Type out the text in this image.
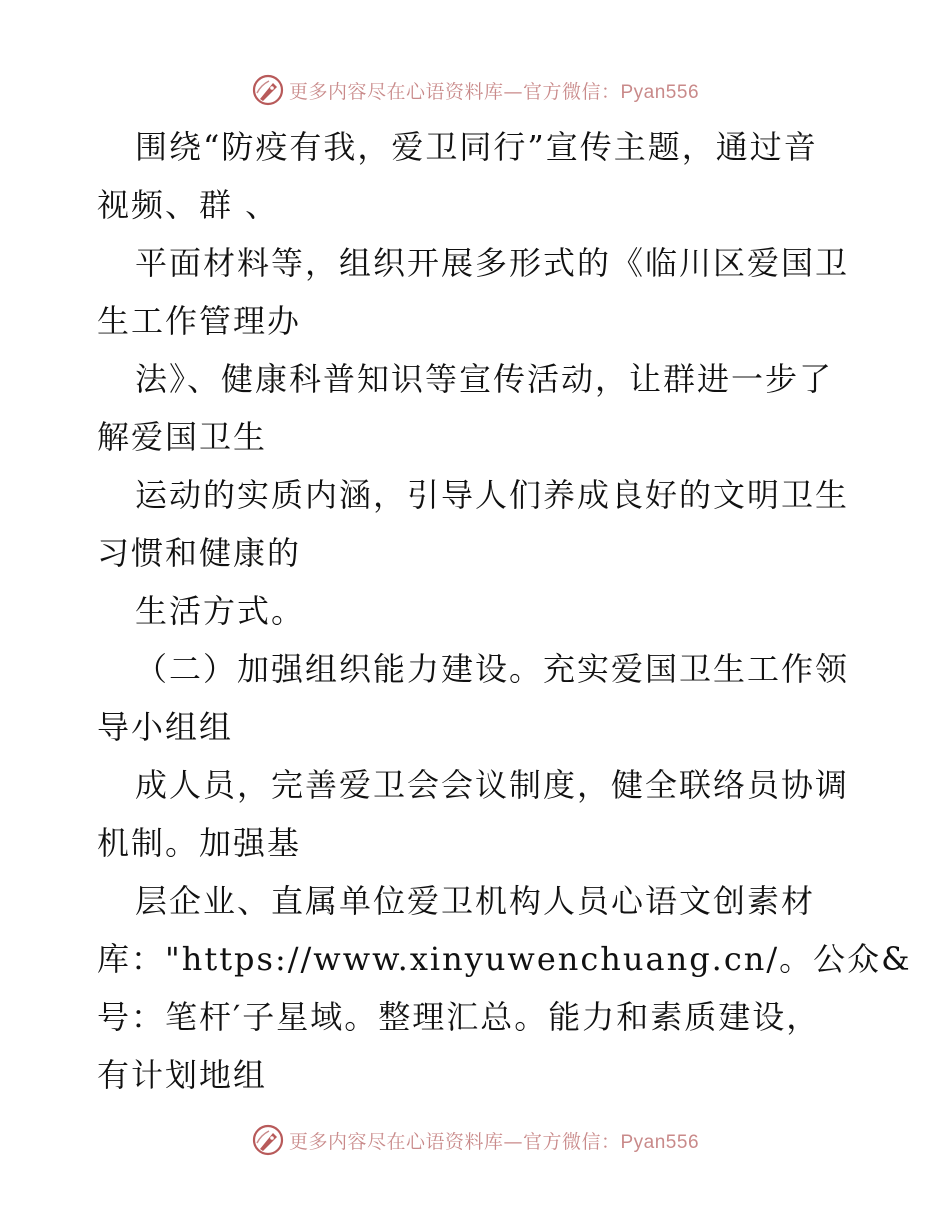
更多内容尽在心语资料库—官方微信：Pyan556
围绕“防疫有我，爱卫同行”宣传主题，通过音
视频、群 、
平面材料等，组织开展多形式的《临川区爱国卫
生工作管理办
法》、健康科普知识等宣传活动，让群进一步了
解爱国卫生
运动的实质内涵，引导人们养成良好的文明卫生
习惯和健康的
生活方式。
（二）加强组织能力建设。充实爱国卫生工作领
导小组组
成人员，完善爱卫会会议制度，健全联络员协调
机制。加强基
层企业、直属单位爱卫机构人员心语文创素材
库："https://www.xinyuwenchuang.cn/。公众&
号：笔杆′子星域。整理汇总。能力和素质建设，
有计划地组
更多内容尽在心语资料库—官方微信：Pyan556
